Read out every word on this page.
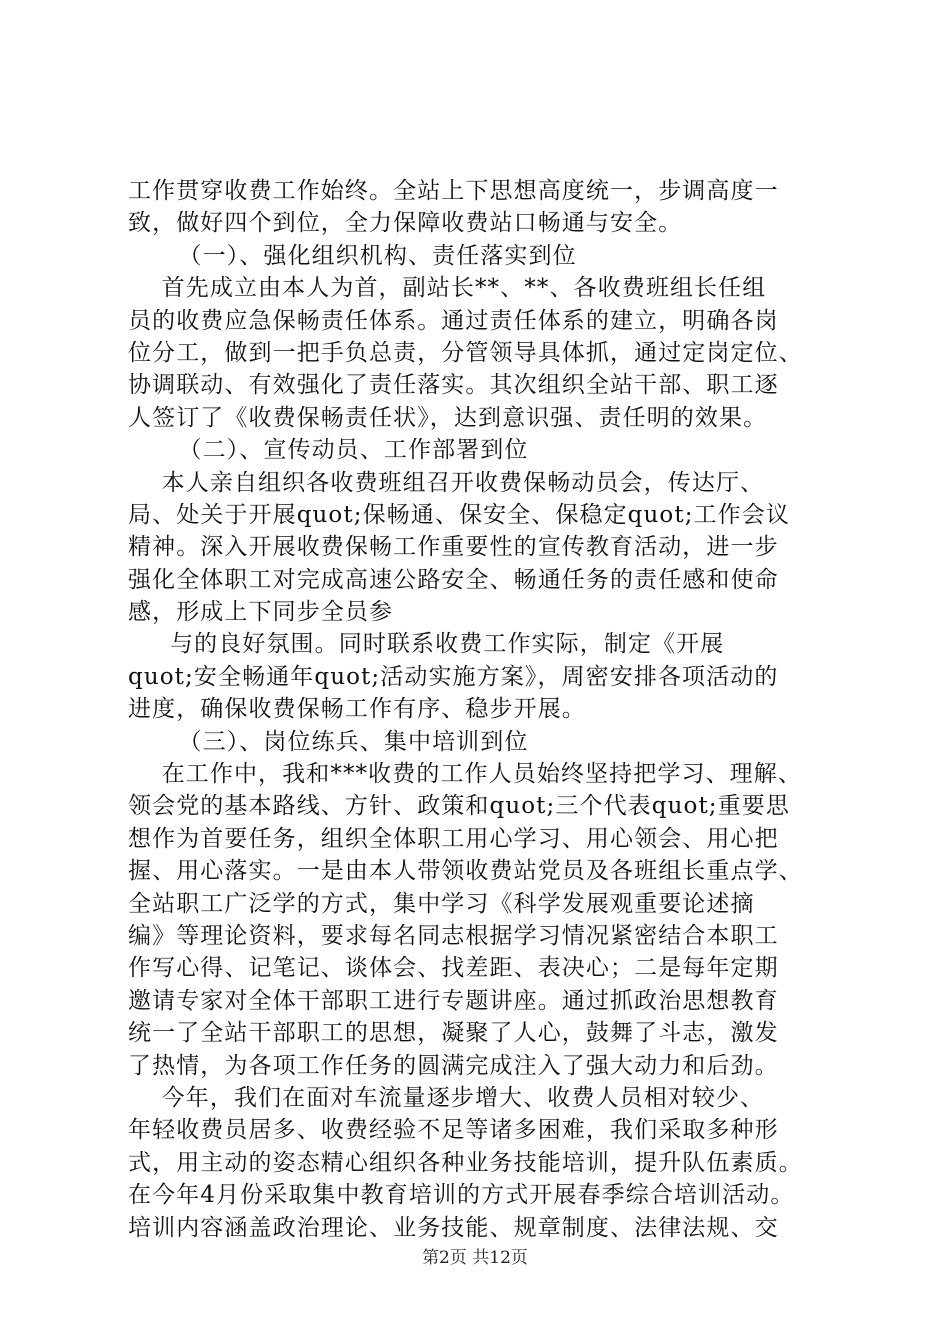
工作贯穿收费工作始终。全站上下思想高度统一，步调高度一
致，做好四个到位，全力保障收费站口畅通与安全。
（一）、强化组织机构、责任落实到位
首先成立由本人为首，副站长**、**、各收费班组长任组
员的收费应急保畅责任体系。通过责任体系的建立，明确各岗
位分工，做到一把手负总责，分管领导具体抓，通过定岗定位、
协调联动、有效强化了责任落实。其次组织全站干部、职工逐
人签订了《收费保畅责任状》，达到意识强、责任明的效果。
（二）、宣传动员、工作部署到位
本人亲自组织各收费班组召开收费保畅动员会，传达厅、
局、处关于开展quot;保畅通、保安全、保稳定quot;工作会议
精神。深入开展收费保畅工作重要性的宣传教育活动，进一步
强化全体职工对完成高速公路安全、畅通任务的责任感和使命
感，形成上下同步全员参
与的良好氛围。同时联系收费工作实际，制定《开展
quot;安全畅通年quot;活动实施方案》，周密安排各项活动的
进度，确保收费保畅工作有序、稳步开展。
（三）、岗位练兵、集中培训到位
在工作中，我和***收费的工作人员始终坚持把学习、理解、
领会党的基本路线、方针、政策和quot;三个代表quot;重要思
想作为首要任务，组织全体职工用心学习、用心领会、用心把
握、用心落实。一是由本人带领收费站党员及各班组长重点学、
全站职工广泛学的方式，集中学习《科学发展观重要论述摘
编》等理论资料，要求每名同志根据学习情况紧密结合本职工
作写心得、记笔记、谈体会、找差距、表决心；二是每年定期
邀请专家对全体干部职工进行专题讲座。通过抓政治思想教育
统一了全站干部职工的思想，凝聚了人心，鼓舞了斗志，激发
了热情，为各项工作任务的圆满完成注入了强大动力和后劲。
今年，我们在面对车流量逐步增大、收费人员相对较少、
年轻收费员居多、收费经验不足等诸多困难，我们采取多种形
式，用主动的姿态精心组织各种业务技能培训，提升队伍素质。
在今年4月份采取集中教育培训的方式开展春季综合培训活动。
培训内容涵盖政治理论、业务技能、规章制度、法律法规、交
第2页 共12页
